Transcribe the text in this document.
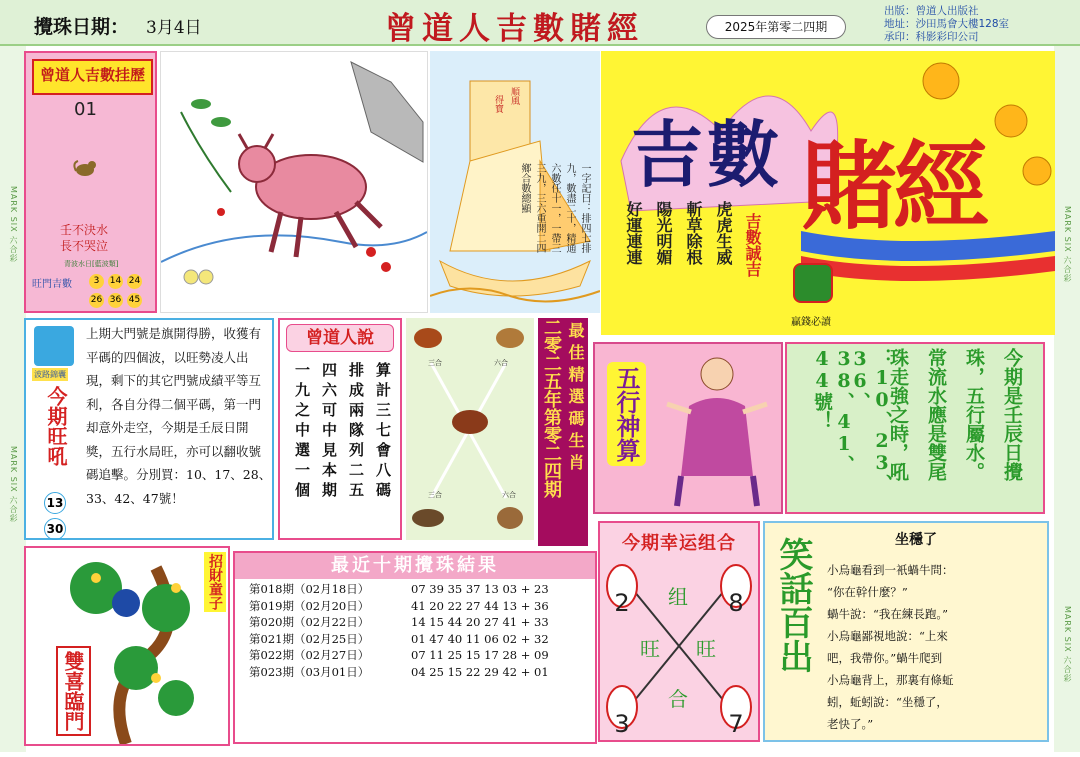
MARK SIX 六合彩
MARK SIX 六合彩
MARK SIX 六合彩
MARK SIX 六合彩
攪珠日期： 3月4日	曾道人吉數賭經	2025年第零二四期
出版：曾道人出版社
地址：沙田馬會大樓128室
承印：科影彩印公司
曾道人吉數挂歷
01
壬不決水
長不哭泣
青波水日[藍波類]
旺門吉數	3	14 24
26 36 45
順風
得寶
一字記曰：排四七排九，數盡二十，精通六數任十一，一帶三三九，三六重開二四鄉合數總顯	吉數 賭經
虎虎生威
斬草除根
陽光明媚
好運連連	吉數誠吉
贏錢必讀
波路錦囊
今期旺吼
13
30
上期大門號是旗開得勝，收獲有平碼的四個波，以旺勢凌人出現，剩下的其它門號成績平等互利，各自分得二個平碼，第一門却意外走空，今期是壬辰日開獎，五行水局旺，亦可以翻收號碼追擊。分別買：10、17、28、33、42、47號！
曾道人說
算計三七會八碼
排成兩隊列二五
四六可中見本期
一九之中選一個	三合	六合
三合	六合 二零二五年第零二四期 最佳精選碼生肖 五行神算	今期是壬辰日攪
珠，五行屬水。
常流水應是雙尾
珠走強之時，吼
：10、23、36、
38、41、44號！
雙喜臨門
招財童子	最近十期攪珠結果
第018期（02月18日）	07 39 35 37 13 03 + 23
第019期（02月20日）	41 20 22 27 44 13 + 36
第020期（02月22日）	14 15 44 20 27 41 + 33
第021期（02月25日）	01 47 40 11 06 02 + 32
第022期（02月27日）	07 11 25 15 17 28 + 09
第023期（03月01日）	04 25 15 22 29 42 + 01
今期幸运组合
2	8
3	7
组
旺 旺
合
笑話百出	坐穩了
小烏龜看到一衹蝸牛問：
“你在幹什麼？”
蝸牛說：“我在練長跑。”
小烏龜鄙視地說：“上來
吧，我帶你。”蝸牛爬到
小烏龜背上，那裏有條蚯
蚓，蚯蚓說：“坐穩了，
老快了。”
